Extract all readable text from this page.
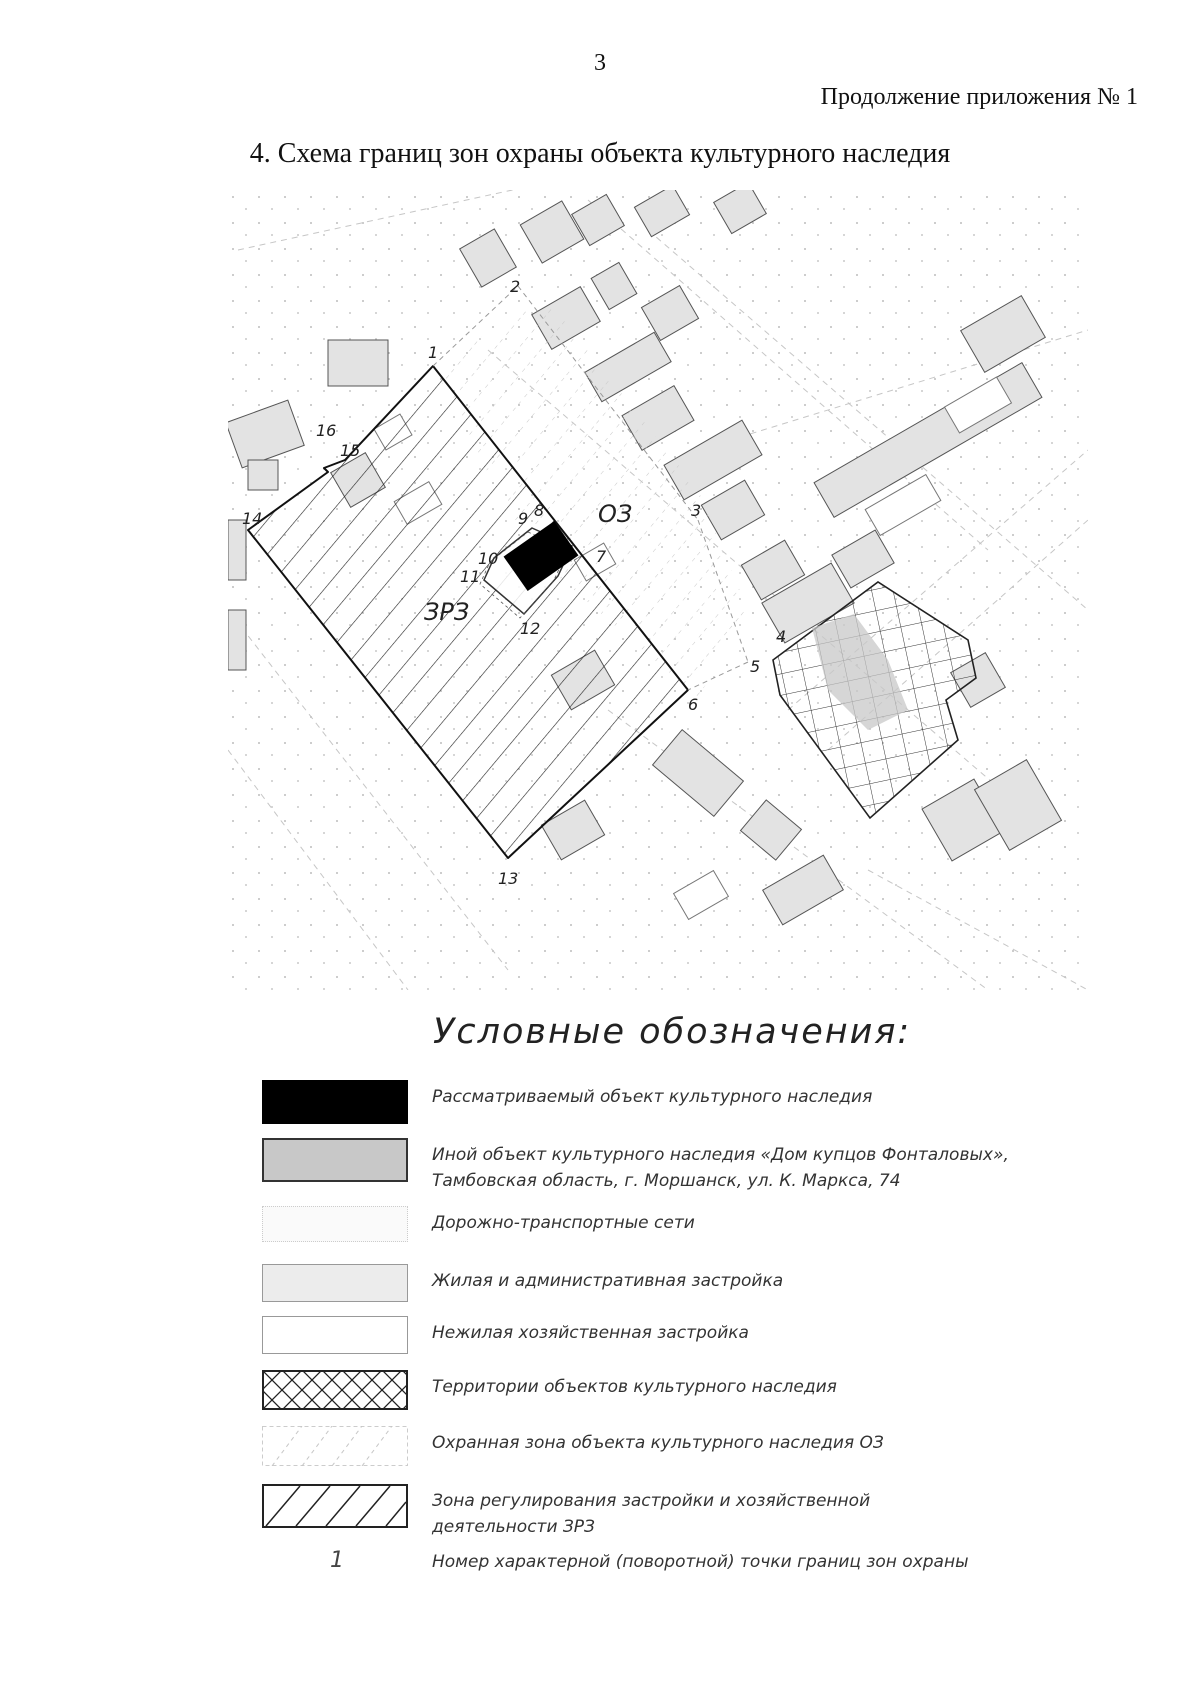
3
Продолжение приложения № 1
4. Схема границ зон охраны объекта культурного наследия
ОЗ
ЗРЗ
1
2
3
4
5
6
7
8
9
10
11
12
13
14
15
16
Условные обозначения:
Рассматриваемый объект культурного наследия
Иной объект культурного наследия «Дом купцов Фонталовых»,
Тамбовская область, г. Моршанск, ул. К. Маркса, 74
Дорожно-транспортные сети
Жилая и административная застройка
Нежилая хозяйственная застройка
Территории объектов культурного наследия
Охранная зона объекта культурного наследия ОЗ
Зона регулирования застройки и хозяйственной
деятельности ЗРЗ
1	Номер характерной (поворотной) точки границ зон охраны
